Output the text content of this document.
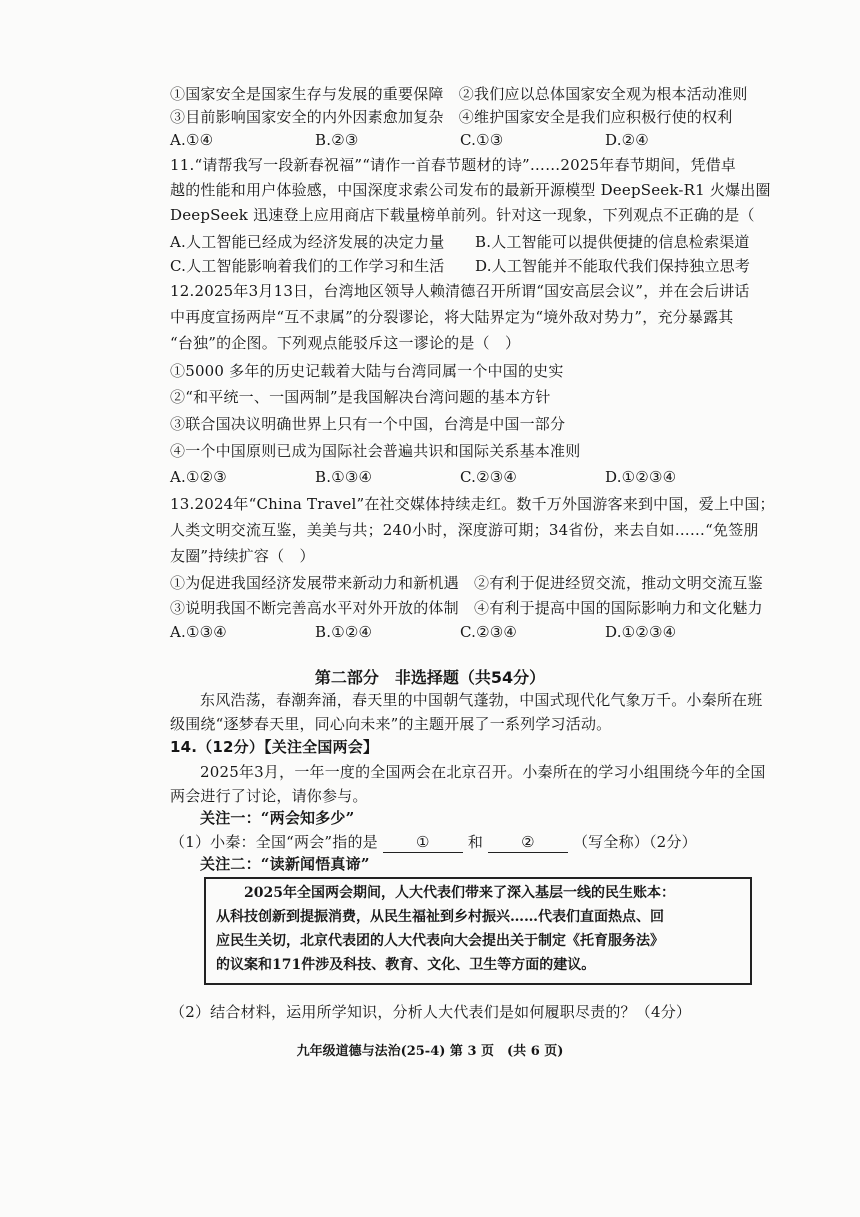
①国家安全是国家生存与发展的重要保障　②我们应以总体国家安全观为根本活动准则
③目前影响国家安全的内外因素愈加复杂　④维护国家安全是我们应积极行使的权利
A.①④	B.②③	C.①③	D.②④
11.“请帮我写一段新春祝福”“请作一首春节题材的诗”……2025年春节期间，凭借卓
越的性能和用户体验感，中国深度求索公司发布的最新开源模型 DeepSeek-R1 火爆出圈
DeepSeek 迅速登上应用商店下载量榜单前列。针对这一现象，下列观点不正确的是（
A.人工智能已经成为经济发展的决定力量	B.人工智能可以提供便捷的信息检索渠道
C.人工智能影响着我们的工作学习和生活	D.人工智能并不能取代我们保持独立思考
12.2025年3月13日，台湾地区领导人赖清德召开所谓“国安高层会议”，并在会后讲话
中再度宣扬两岸“互不隶属”的分裂谬论，将大陆界定为“境外敌对势力”，充分暴露其
“台独”的企图。下列观点能驳斥这一谬论的是（　）
①5000 多年的历史记载着大陆与台湾同属一个中国的史实
②“和平统一、一国两制”是我国解决台湾问题的基本方针
③联合国决议明确世界上只有一个中国，台湾是中国一部分
④一个中国原则已成为国际社会普遍共识和国际关系基本准则
A.①②③	B.①③④	C.②③④	D.①②③④
13.2024年“China Travel”在社交媒体持续走红。数千万外国游客来到中国，爱上中国；
人类文明交流互鉴，美美与共；240小时，深度游可期；34省份，来去自如……“免签朋
友圈”持续扩容（　）
①为促进我国经济发展带来新动力和新机遇　②有利于促进经贸交流，推动文明交流互鉴
③说明我国不断完善高水平对外开放的体制　④有利于提高中国的国际影响力和文化魅力
A.①③④	B.①②④	C.②③④	D.①②③④
第二部分　非选择题（共54分）
东风浩荡，春潮奔涌，春天里的中国朝气蓬勃，中国式现代化气象万千。小秦所在班
级围绕“逐梦春天里，同心向未来”的主题开展了一系列学习活动。
14.（12分）【关注全国两会】
2025年3月，一年一度的全国两会在北京召开。小秦所在的学习小组围绕今年的全国
两会进行了讨论，请你参与。
关注一：“两会知多少”
（1）小秦：全国“两会”指的是	①	和	②	（写全称）（2分）
关注二：“读新闻悟真谛”
　　2025年全国两会期间，人大代表们带来了深入基层一线的民生账本：
从科技创新到提振消费，从民生福祉到乡村振兴……代表们直面热点、回
应民生关切，北京代表团的人大代表向大会提出关于制定《托育服务法》
的议案和171件涉及科技、教育、文化、卫生等方面的建议。
（2）结合材料，运用所学知识，分析人大代表们是如何履职尽责的？（4分）
九年级道德与法治(25-4) 第 3 页　(共 6 页)
